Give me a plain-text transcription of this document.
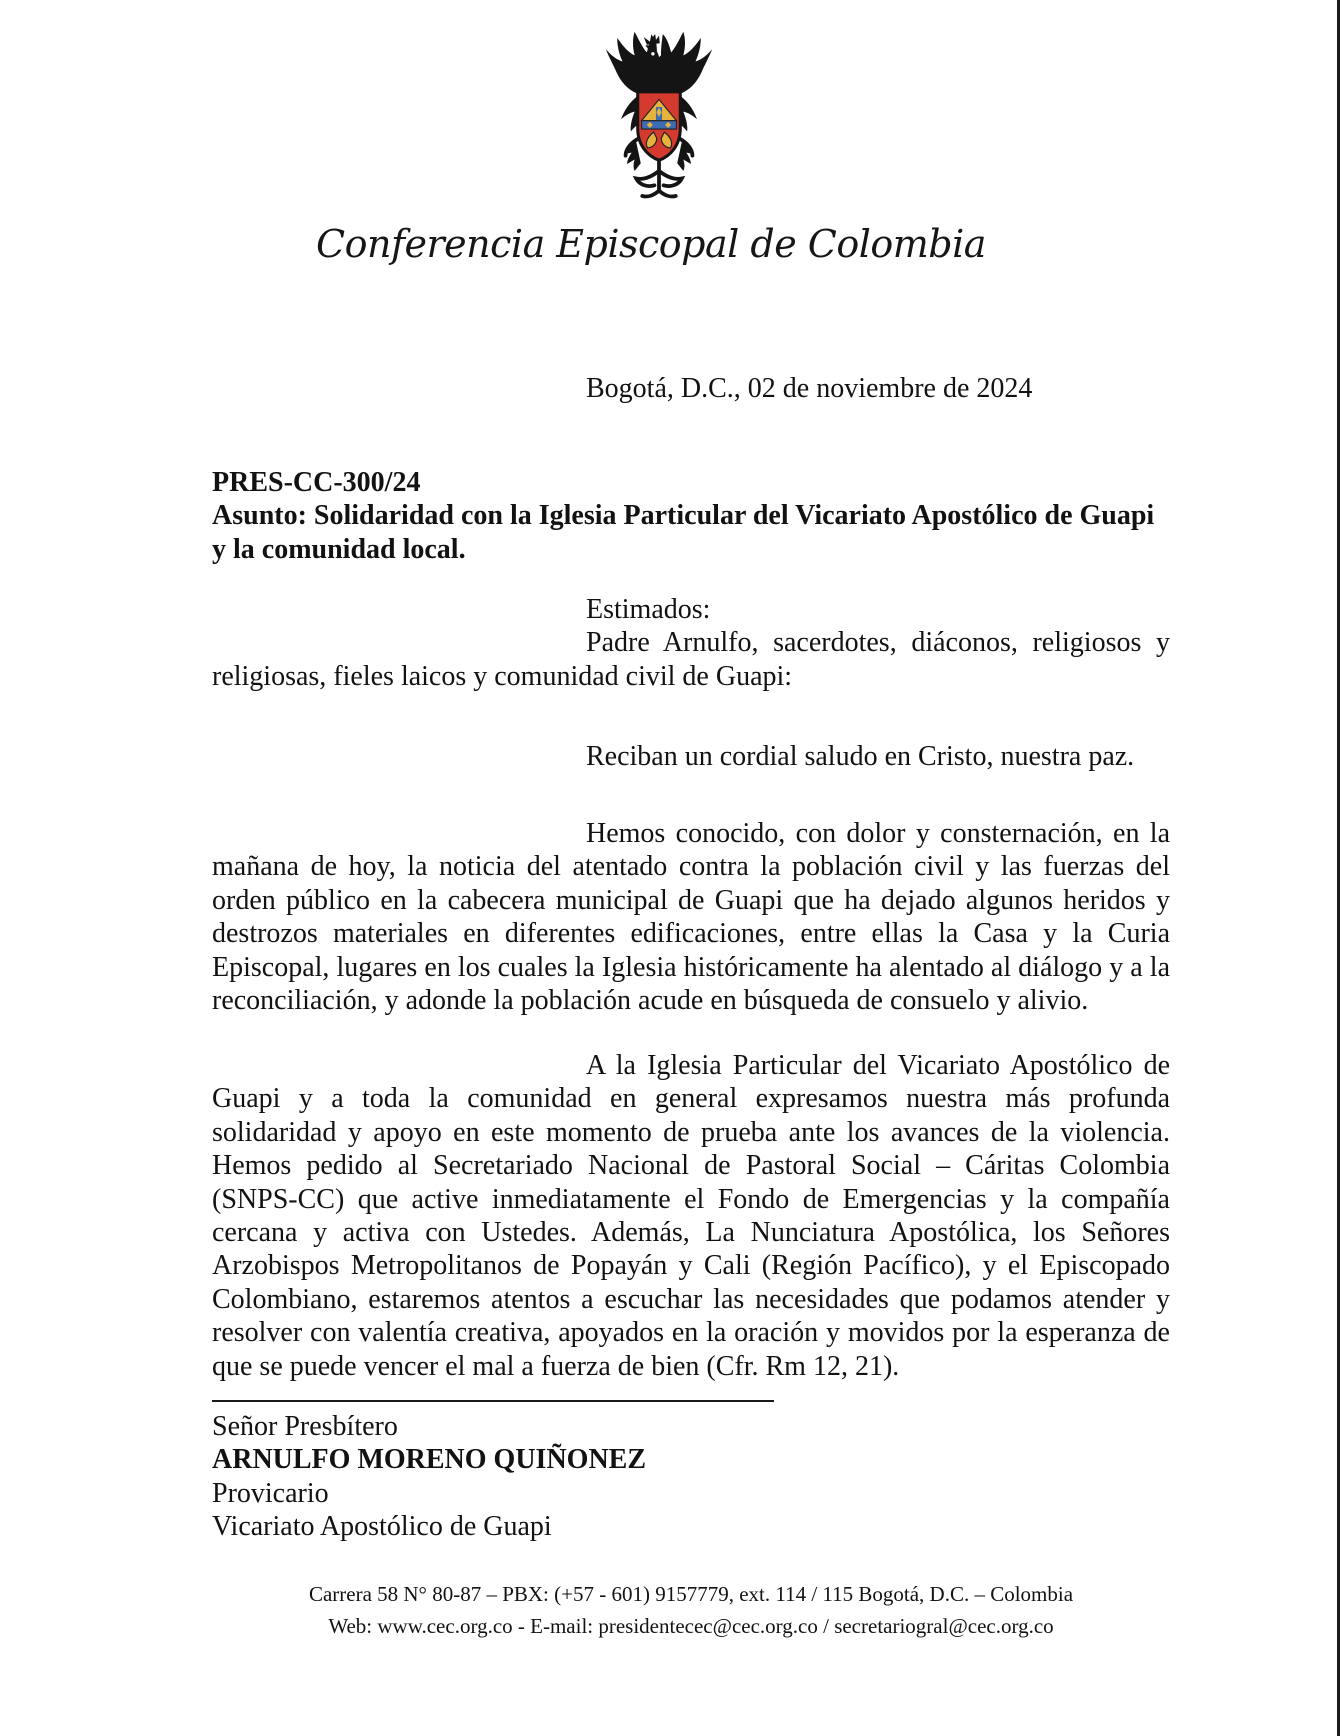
Conferencia Episcopal de Colombia
Bogotá, D.C., 02 de noviembre de 2024
PRES-CC-300/24
Asunto: Solidaridad con la Iglesia Particular del Vicariato Apostólico de Guapi
y la comunidad local.
Estimados:
Padre Arnulfo, sacerdotes, diáconos, religiosos y religiosas, fieles laicos y comunidad civil de Guapi:
Reciban un cordial saludo en Cristo, nuestra paz.

Hemos conocido, con dolor y consternación, en la mañana de hoy, la noticia del atentado contra la población civil y las fuerzas del orden público en la cabecera municipal de Guapi que ha dejado algunos heridos y destrozos materiales en diferentes edificaciones, entre ellas la Casa y la Curia Episcopal, lugares en los cuales la Iglesia históricamente ha alentado al diálogo y a la reconciliación, y adonde la población acude en búsqueda de consuelo y alivio.

A la Iglesia Particular del Vicariato Apostólico de Guapi y a toda la comunidad en general expresamos nuestra más profunda solidaridad y apoyo en este momento de prueba ante los avances de la violencia. Hemos pedido al Secretariado Nacional de Pastoral Social – Cáritas Colombia (SNPS-CC) que active inmediatamente el Fondo de Emergencias y la compañía cercana y activa con Ustedes. Además, La Nunciatura Apostólica, los Señores Arzobispos Metropolitanos de Popayán y Cali (Región Pacífico), y el Episcopado Colombiano, estaremos atentos a escuchar las necesidades que podamos atender y resolver con valentía creativa, apoyados en la oración y movidos por la esperanza de que se puede vencer el mal a fuerza de bien (Cfr. Rm 12, 21).

Señor Presbítero
ARNULFO MORENO QUIÑONEZ
Provicario
Vicariato Apostólico de Guapi
Carrera 58 N° 80-87 – PBX: (+57 - 601) 9157779, ext. 114 / 115 Bogotá, D.C. – Colombia
Web: www.cec.org.co - E-mail: presidentecec@cec.org.co / secretariogral@cec.org.co
